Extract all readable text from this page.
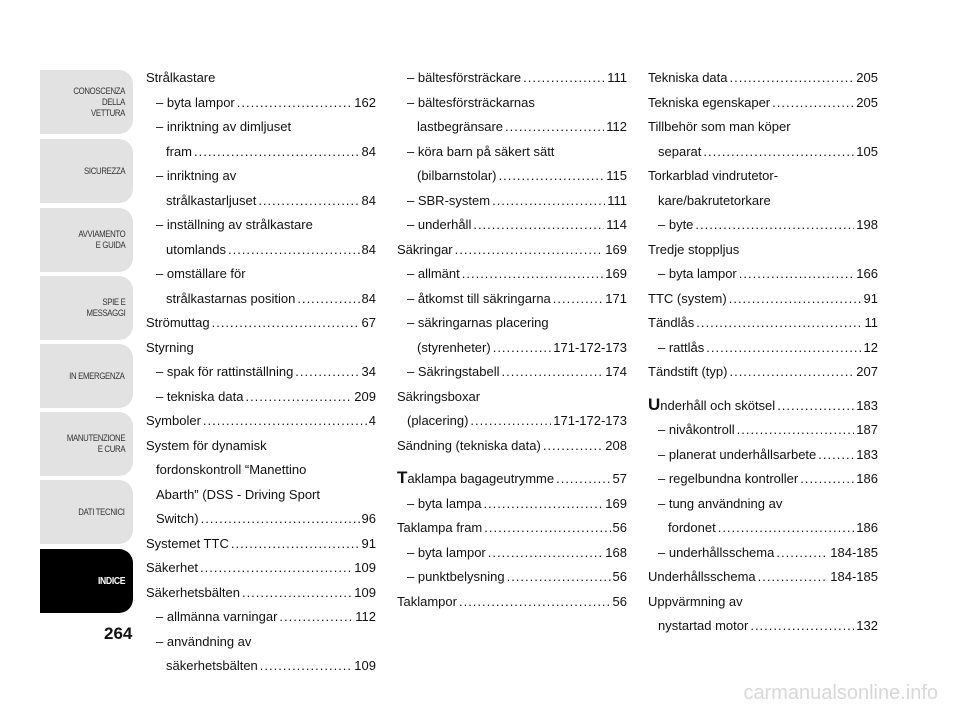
CONOSCENZA
DELLA
VETTURA
SICUREZZA
AVVIAMENTO
E GUIDA
SPIE E
MESSAGGI
IN EMERGENZA
MANUTENZIONE
E CURA
DATI TECNICI
INDICE
264
Strålkastare
– byta lampor .....	162
– inriktning av dimljuset
fram .....	84
– inriktning av
strålkastarljuset .....	84
– inställning av strålkastare
utomlands .....	84
– omställare för
strålkastarnas position .....	84
Strömuttag .....	67
Styrning
– spak för rattinställning .....	34
– tekniska data .....	209
Symboler .....	4
System för dynamisk
fordonskontroll “Manettino
Abarth” (DSS - Driving Sport
Switch) .....	96
Systemet TTC .....	91
Säkerhet .....	109
Säkerhetsbälten .....	109
– allmänna varningar .....	112
– användning av
säkerhetsbälten .....	109
– bältesförsträckare .....	111
– bältesförsträckarnas
lastbegränsare .....	112
– köra barn på säkert sätt
(bilbarnstolar) .....	115
– SBR-system .....	111
– underhåll .....	114
Säkringar .....	169
– allmänt .....	169
– åtkomst till säkringarna .....	171
– säkringarnas placering
(styrenheter) .....	171-172-173
– Säkringstabell .....	174
Säkringsboxar
(placering) .....	171-172-173
Sändning (tekniska data) .....	208
Taklampa bagageutrymme .....	57
– byta lampa .....	169
Taklampa fram .....	56
– byta lampor .....	168
– punktbelysning .....	56
Taklampor .....	56
Tekniska data .....	205
Tekniska egenskaper .....	205
Tillbehör som man köper
separat .....	105
Torkarblad vindrutetor-
kare/bakrutetorkare
– byte .....	198
Tredje stoppljus
– byta lampor .....	166
TTC (system) .....	91
Tändlås .....	11
– rattlås .....	12
Tändstift (typ) .....	207
Underhåll och skötsel .....	183
– nivåkontroll .....	187
– planerat underhållsarbete .....	183
– regelbundna kontroller .....	186
– tung användning av
fordonet .....	186
– underhållsschema .....	184-185
Underhållsschema .....	184-185
Uppvärmning av
nystartad motor .....	132
carmanualsonline.info
